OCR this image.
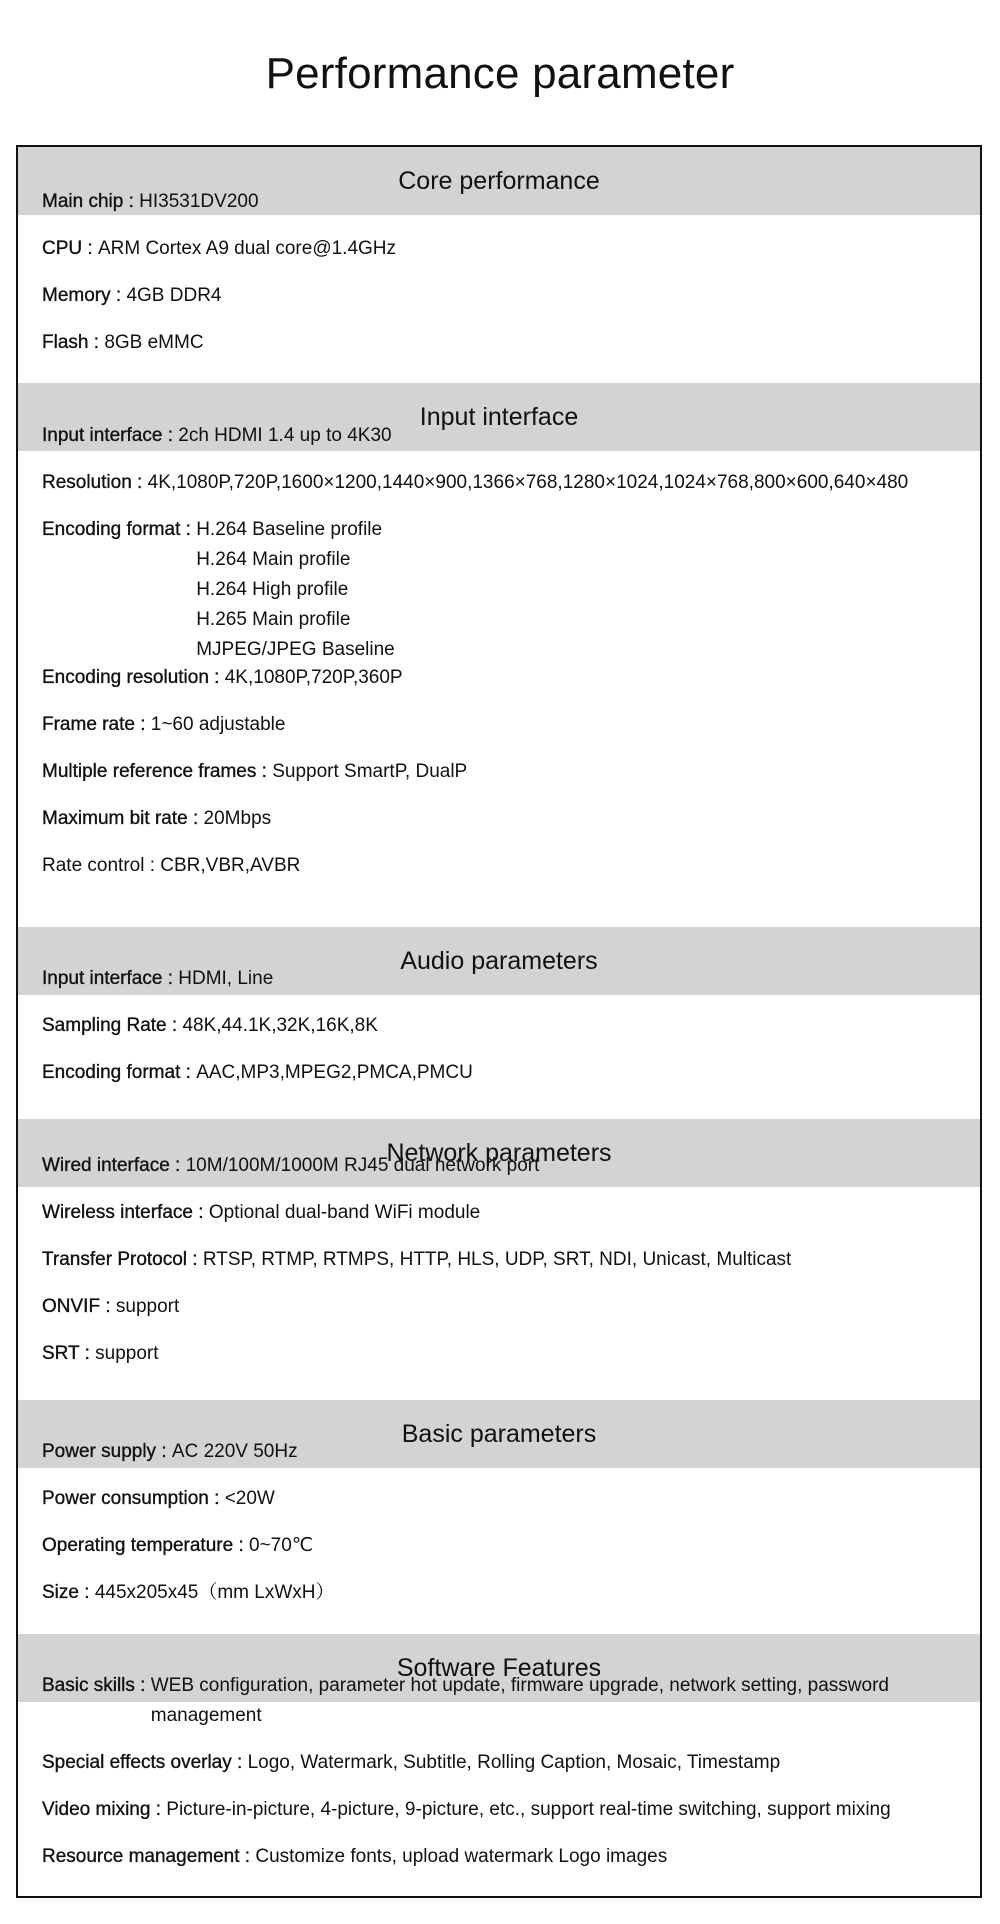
Performance parameter
Core performance
Main chip : HI3531DV200
CPU : ARM Cortex A9 dual core@1.4GHz
Memory : 4GB DDR4
Flash : 8GB eMMC
Input interface
Input interface : 2ch HDMI 1.4 up to 4K30
Resolution : 4K,1080P,720P,1600×1200,1440×900,1366×768,1280×1024,1024×768,800×600,640×480
Encoding format : H.264 Baseline profile
H.264 Main profile
H.264 High profile
H.265 Main profile
MJPEG/JPEG Baseline
Encoding resolution : 4K,1080P,720P,360P
Frame rate : 1~60 adjustable
Multiple reference frames : Support SmartP, DualP
Maximum bit rate : 20Mbps
Rate control : CBR,VBR,AVBR
Audio parameters
Input interface : HDMI, Line
Sampling Rate : 48K,44.1K,32K,16K,8K
Encoding format : AAC,MP3,MPEG2,PMCA,PMCU
Network parameters
Wired interface : 10M/100M/1000M RJ45 dual network port
Wireless interface : Optional dual-band WiFi module
Transfer Protocol : RTSP, RTMP, RTMPS, HTTP, HLS, UDP, SRT, NDI, Unicast, Multicast
ONVIF : support
SRT : support
Basic parameters
Power supply : AC 220V 50Hz
Power consumption : <20W
Operating temperature : 0~70℃
Size : 445x205x45（mm LxWxH）
Software Features
Basic skills : WEB configuration, parameter hot update, firmware upgrade, network setting, password
management
Special effects overlay : Logo, Watermark, Subtitle, Rolling Caption, Mosaic, Timestamp
Video mixing : Picture-in-picture, 4-picture, 9-picture, etc., support real-time switching, support mixing
Resource management : Customize fonts, upload watermark Logo images
